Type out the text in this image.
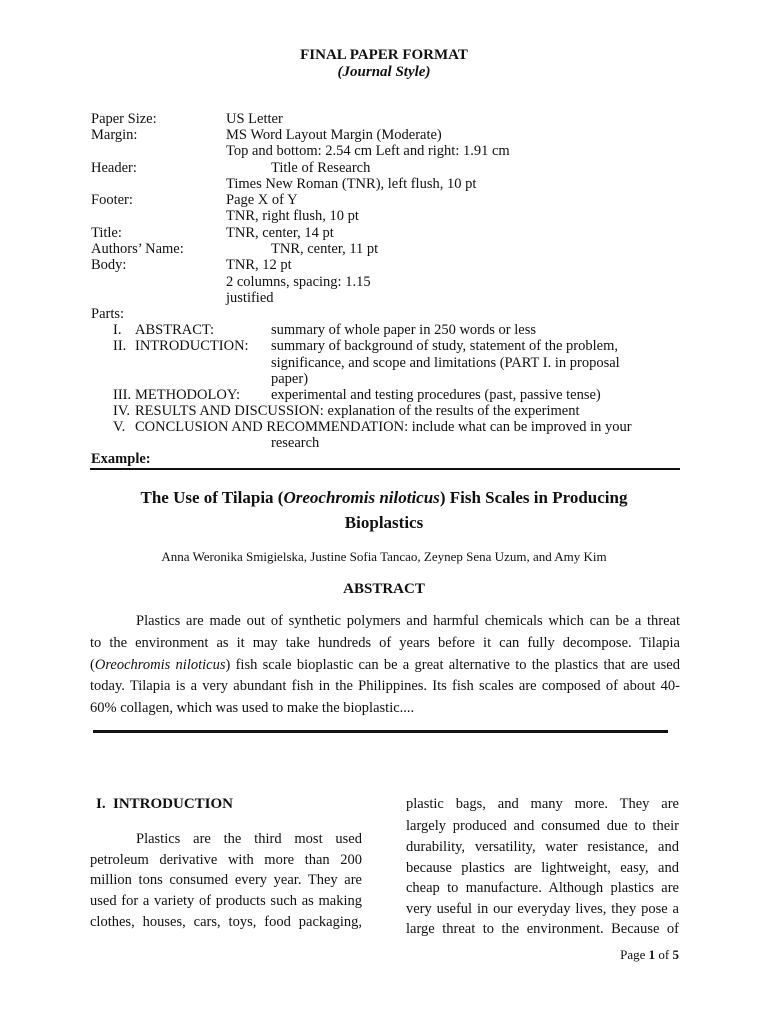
FINAL PAPER FORMAT
(Journal Style)
Paper Size:	US Letter
Margin:	MS Word Layout Margin (Moderate)
Top and bottom: 2.54 cm Left and right: 1.91 cm
Header:	Title of Research
Times New Roman (TNR), left flush, 10 pt
Footer:	Page X of Y
TNR, right flush, 10 pt
Title:	TNR, center, 14 pt
Authors’ Name:	TNR, center, 11 pt
Body:	TNR, 12 pt
2 columns, spacing: 1.15
justified
Parts:
I. ABSTRACT:	summary of whole paper in 250 words or less
II. INTRODUCTION: summary of background of study, statement of the problem,
significance, and scope and limitations (PART I. in proposal
paper)
III. METHODOLOY: experimental and testing procedures (past, passive tense)
IV. RESULTS AND DISCUSSION: explanation of the results of the experiment
V. CONCLUSION AND RECOMMENDATION: include what can be improved in your
research
Example:
The Use of Tilapia (Oreochromis niloticus) Fish Scales in Producing
Bioplastics
Anna Weronika Smigielska, Justine Sofia Tancao, Zeynep Sena Uzum, and Amy Kim
ABSTRACT
Plastics are made out of synthetic polymers and harmful chemicals which can be a threat
to the environment as it may take hundreds of years before it can fully decompose. Tilapia
(Oreochromis niloticus) fish scale bioplastic can be a great alternative to the plastics that are used
today. Tilapia is a very abundant fish in the Philippines. Its fish scales are composed of about 40-
60% collagen, which was used to make the bioplastic....
I. INTRODUCTION
Plastics are the third most used
petroleum derivative with more than 200
million tons consumed every year. They are
used for a variety of products such as making
clothes, houses, cars, toys, food packaging,
plastic bags, and many more. They are
largely produced and consumed due to their
durability, versatility, water resistance, and
because plastics are lightweight, easy, and
cheap to manufacture. Although plastics are
very useful in our everyday lives, they pose a
large threat to the environment. Because of
Page 1 of 5
